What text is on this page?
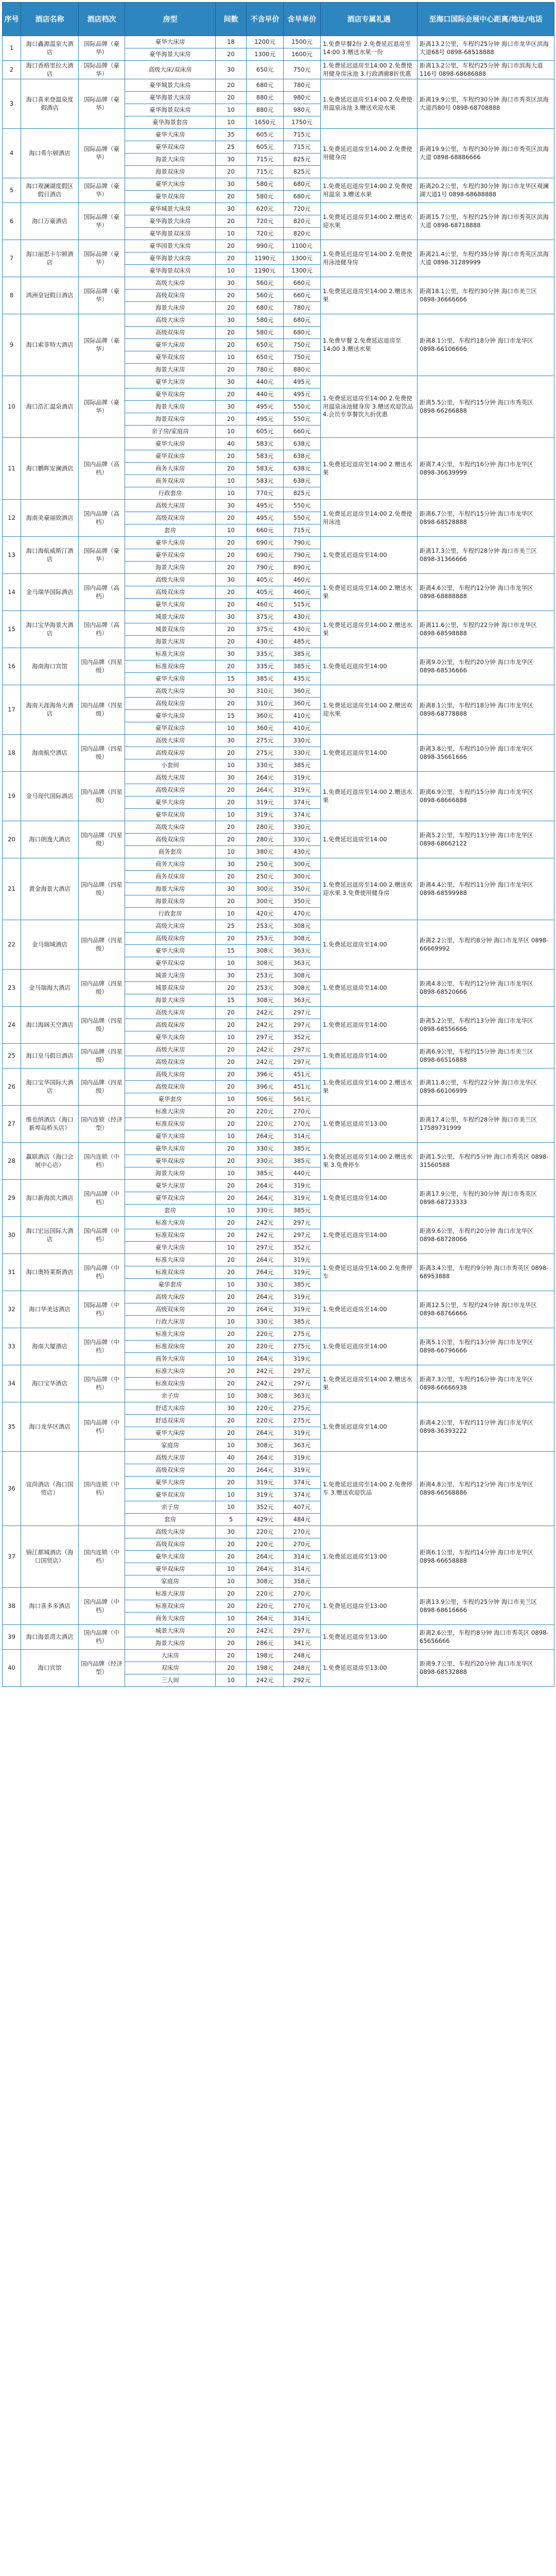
序号	酒店名称	酒店档次	房型	间数	不含早价	含早单价	酒店专属礼遇	至海口国际会展中心距离/地址/电话
1	海口鑫源温泉大酒店	国际品牌（豪华）	豪华大床房	18	1200元	1500元	1.免费早餐2份 2.免费延迟退房至14:00 3.赠送水果一份	距离13.2公里，车程约25分钟 海口市龙华区滨海大道68号 0898-68518888
			豪华海景大床房	20	1300元	1600元		
2	海口香格里拉大酒店	国际品牌（豪华）	高级大床/双床房	30	650元	750元	1.免费延迟退房至14:00 2.免费使用健身房泳池 3.行政酒廊8折优惠	距离13.2公里，车程约25分钟 海口市滨海大道116号 0898-68686888
3	海口喜来登温泉度假酒店	国际品牌（豪华）	豪华城景大床房	20	680元	780元	1.免费延迟退房至14:00 2.免费使用温泉泳池 3.赠送欢迎水果	距离19.9公里，车程约30分钟 海口市秀英区滨海大道西80号 0898-68708888
			豪华海景大床房	20	880元	980元		
			豪华海景双床房	10	880元	980元		
			豪华海景套房	10	1650元	1750元		
4	海口希尔顿酒店	国际品牌（豪华）	豪华大床房	35	605元	715元	1.免费延迟退房至14:00 2.免费使用健身房	距离19.9公里，车程约30分钟 海口市秀英区滨海大道 0898-68886666
			豪华双床房	25	605元	715元		
			海景大床房	30	715元	825元		
			海景双床房	20	715元	825元		
5	海口观澜湖度假区假日酒店	国际品牌（豪华）	豪华大床房	30	580元	680元	1.免费延迟退房至14:00 2.免费使用温泉 3.赠送水果	距离20.2公里，车程约30分钟 海口市龙华区观澜湖大道1号 0898-68688888
			豪华双床房	20	580元	680元		
6	海口万豪酒店	国际品牌（豪华）	豪华城景大床房	30	620元	720元	1.免费延迟退房至14:00 2.赠送欢迎水果	距离15.7公里，车程约25分钟 海口市秀英区滨海大道 0898-68718888
			豪华海景大床房	20	720元	820元		
			豪华海景双床房	10	720元	820元		
7	海口丽思卡尔顿酒店	国际品牌（豪华）	豪华园景大床房	20	990元	1100元	1.免费延迟退房至14:00 2.免费使用泳池健身房	距离21.4公里，车程约35分钟 海口市秀英区滨海大道 0898-31289999
			豪华海景大床房	20	1190元	1300元		
			豪华海景双床房	10	1190元	1300元		
8	鸿洲皇冠假日酒店	国际品牌（豪华）	高级大床房	30	560元	660元	1.免费延迟退房至14:00 2.赠送水果	距离18.1公里，车程约30分钟 海口市美兰区 0898-36666666
			高级双床房	20	560元	660元		
			海景大床房	20	680元	780元		
9	海口索菲特大酒店	国际品牌（豪华）	高级大床房	30	580元	680元	1.免费早餐 2.免费延迟退房至14:00 3.赠送水果	距离8.1公里，车程约18分钟 海口市龙华区 0898-66106666
			高级双床房	20	580元	680元		
			豪华大床房	20	650元	750元		
			豪华双床房	10	650元	750元		
			海景大床房	20	780元	880元		
10	海口浩汇温泉酒店	国际品牌（豪华）	豪华大床房	30	440元	495元	1.免费延迟退房至14:00 2.免费使用温泉泳池健身房 3.赠送欢迎饮品 4.会员专享餐饮九折优惠	距离5.5公里，车程约15分钟 海口市秀英区 0898-66266888
			豪华双床房	20	440元	495元		
			海景大床房	30	495元	550元		
			海景双床房	20	495元	550元		
			亲子房/家庭房	10	605元	660元		
11	海口鹏晖安澜酒店	国内品牌（高档）	豪华大床房	40	583元	638元	1.免费延迟退房至14:00 2.赠送水果	距离7.4公里，车程约16分钟 海口市龙华区 0898-36639999
			豪华双床房	20	583元	638元		
			商务大床房	20	583元	638元		
			商务双床房	10	583元	638元		
			行政套房	10	770元	825元		
12	海南美豪丽致酒店	国内品牌（高档）	高级大床房	30	495元	550元	1.免费延迟退房至14:00 2.免费使用泳池	距离6.7公里，车程约15分钟 海口市龙华区 0898-68528888
			高级双床房	20	495元	550元		
			套房	10	660元	715元		
13	海口海航威斯汀酒店	国际品牌（豪华）	豪华大床房	20	690元	790元	1.免费延迟退房至14:00	距离17.3公里，车程约28分钟 海口市美兰区 0898-31366666
			豪华双床房	20	690元	790元		
			海景大床房	20	790元	890元		
14	金马瑞华国际酒店	国内品牌（高档）	高级大床房	30	405元	460元	1.免费延迟退房至14:00 2.赠送水果	距离4.6公里，车程约12分钟 海口市龙华区 0898-68888888
			高级双床房	20	405元	460元		
			豪华大床房	20	460元	515元		
15	海口宝华海景大酒店	国内品牌（高档）	城景大床房	30	375元	430元	1.免费延迟退房至14:00 2.赠送水果	距离11.6公里，车程约22分钟 海口市龙华区 0898-68598888
			城景双床房	20	375元	430元		
			海景大床房	20	430元	485元		
16	海南海口宾馆	国内品牌（四星级）	标准大床房	30	335元	385元	1.免费延迟退房至14:00	距离9.0公里，车程约20分钟 海口市龙华区 0898-68536666
			标准双床房	20	335元	385元		
			豪华大床房	15	385元	435元		
17	海南天涯海角大酒店	国内品牌（四星级）	高级大床房	30	310元	360元	1.免费延迟退房至14:00 2.赠送欢迎水果	距离8.1公里，车程约18分钟 海口市龙华区 0898-68778888
			高级双床房	20	310元	360元		
			豪华大床房	15	360元	410元		
			豪华双床房	10	360元	410元		
18	海南航空酒店	国内品牌（四星级）	高级大床房	30	275元	330元	1.免费延迟退房至14:00	距离3.8公里，车程约10分钟 海口市龙华区 0898-35661666
			高级双床房	20	275元	330元		
			小套间	10	330元	385元		
19	金马现代国际酒店	国内品牌（四星级）	高级大床房	30	264元	319元	1.免费延迟退房至14:00 2.赠送水果	距离6.9公里，车程约15分钟 海口市龙华区 0898-68666888
			高级双床房	20	264元	319元		
			豪华大床房	20	319元	374元		
			豪华双床房	10	319元	374元		
20	海口朗逸大酒店	国内品牌（四星级）	高级大床房	20	280元	330元	1.免费延迟退房至14:00	距离5.2公里，车程约13分钟 海口市龙华区 0898-68662122
			高级双床房	20	280元	330元		
			商务套房	10	380元	430元		
21	黄金海景大酒店	国内品牌（四星级）	商务大床房	30	250元	300元	1.免费延迟退房至14:00 2.赠送欢迎水果 3.免费使用健身房	距离4.4公里，车程约11分钟 海口市龙华区 0898-68599988
			商务双床房	20	250元	300元		
			海景大床房	30	300元	350元		
			海景双床房	20	300元	350元		
			行政套房	10	420元	470元		
22	金马瑞城酒店	国内品牌（四星级）	高级大床房	25	253元	308元	1.免费延迟退房至14:00	距离2.2公里，车程约8分钟 海口市龙华区 0898-66669992
			高级双床房	20	253元	308元		
			豪华大床房	15	308元	363元		
			豪华双床房	10	308元	363元		
23	金马瑞海大酒店	国内品牌（四星级）	城景大床房	30	253元	308元	1.免费延迟退房至14:00	距离4.8公里，车程约12分钟 海口市龙华区 0898-68520666
			城景双床房	20	253元	308元		
			海景大床房	15	308元	363元		
24	海口海阔天空酒店	国内品牌（四星级）	高级大床房	20	242元	297元	1.免费延迟退房至14:00	距离5.2公里，车程约13分钟 海口市龙华区 0898-68556666
			高级双床房	20	242元	297元		
			豪华大床房	10	297元	352元		
25	海口皇马假日酒店	国内品牌（四星级）	高级大床房	20	242元	297元	1.免费延迟退房至14:00	距离6.9公里，车程约15分钟 海口市美兰区 0898-66516888
			高级双床房	20	242元	297元		
26	海口宝华国际大酒店	国内品牌（四星级）	高级大床房	20	396元	451元	1.免费延迟退房至14:00 2.赠送水果	距离11.8公里，车程约22分钟 海口市龙华区 0898-66106999
			高级双床房	20	396元	451元		
			豪华套房	10	506元	561元		
27	维也纳酒店（海口新埠岛桥头店）	国内连锁（经济型）	标准大床房	20	220元	270元	1.免费延迟退房至13:00	距离17.4公里，车程约28分钟 海口市美兰区 17589731999
			标准双床房	20	220元	270元		
			豪华大床房	10	264元	314元		
28	赢联酒店（海口会展中心店）	国内连锁（中档）	豪华大床房	20	330元	385元	1.免费延迟退房至14:00 2.赠送水果 3.免费停车	距离1.5公里，车程约5分钟 海口市秀英区 0898-31560588
			豪华双床房	20	330元	385元		
			海景大床房	10	385元	440元		
29	海口新海滨大酒店	国内品牌（中档）	豪华大床房	20	264元	319元	1.免费延迟退房至14:00	距离17.9公里，车程约30分钟 海口市秀英区 0898-68723333
			豪华双床房	20	264元	319元		
			套房	10	330元	385元		
30	海口宏远国际大酒店	国内品牌（中档）	标准大床房	20	242元	297元	1.免费延迟退房至14:00	距离9.6公里，车程约20分钟 海口市龙华区 0898-68728066
			标准双床房	20	242元	297元		
			豪华大床房	10	297元	352元		
31	海口奥特莱斯酒店	国内品牌（中档）	标准大床房	20	264元	319元	1.免费延迟退房至14:00 2.免费停车	距离3.4公里，车程约9分钟 海口市秀英区 0898-68953888
			标准双床房	20	264元	319元		
			豪华套房	10	330元	385元		
32	海口华美达酒店	国际品牌（中档）	高级大床房	20	264元	319元	1.免费延迟退房至14:00	距离12.5公里，车程约24分钟 海口市龙华区 0898-68766666
			高级双床房	20	264元	319元		
			行政大床房	10	330元	385元		
33	海南大厦酒店	国内品牌（中档）	标准大床房	20	220元	275元	1.免费延迟退房至14:00	距离5.1公里，车程约13分钟 海口市龙华区 0898-66796666
			标准双床房	20	220元	275元		
			商务大床房	10	264元	319元		
34	海口宝华酒店	国内品牌（中档）	标准大床房	20	242元	297元	1.免费延迟退房至14:00 2.赠送水果	距离7.3公里，车程约16分钟 海口市龙华区 0898-66666938
			标准双床房	20	242元	297元		
			亲子房	10	308元	363元		
35	海口龙华区酒店	国内品牌（中档）	舒适大床房	30	220元	275元	1.免费延迟退房至14:00	距离4.2公里，车程约11分钟 海口市龙华区 0898-36393222
			舒适双床房	20	220元	275元		
			豪华大床房	20	264元	319元		
			家庭房	10	308元	363元		
36	宜尚酒店（海口国贸店）	国内连锁（中档）	高级大床房	40	264元	319元	1.免费延迟退房至14:00 2.免费停车 3.赠送欢迎饮品	距离4.8公里，车程约12分钟 海口市龙华区 0898-66568886
			高级双床房	20	264元	319元		
			豪华大床房	20	319元	374元		
			豪华双床房	10	319元	374元		
			亲子房	10	352元	407元		
			套房	5	429元	484元		
37	锦江都城酒店（海口国贸店）	国内连锁（中档）	高级大床房	30	220元	270元	1.免费延迟退房至13:00	距离6.1公里，车程约14分钟 海口市龙华区 0898-66658888
			高级双床房	20	220元	270元		
			豪华大床房	20	264元	314元		
			豪华双床房	10	264元	314元		
			家庭房	10	308元	358元		
38	海口喜多多酒店	国内品牌（中档）	标准大床房	20	220元	270元	1.免费延迟退房至13:00	距离13.9公里，车程约25分钟 海口市美兰区 0898-68616666
			标准双床房	20	220元	270元		
			商务大床房	10	264元	314元		
39	海口海景湾大酒店	国内品牌（中档）	城景大床房	20	242元	297元	1.免费延迟退房至13:00	距离2.6公里，车程约8分钟 海口市秀英区 0898-65656666
			海景大床房	20	286元	341元		
40	海口宾馆	国内品牌（经济型）	大床房	20	198元	248元	1.免费延迟退房至13:00	距离9.7公里，车程约20分钟 海口市龙华区 0898-68532888
			双床房	20	198元	248元		
			三人间	10	242元	292元		
